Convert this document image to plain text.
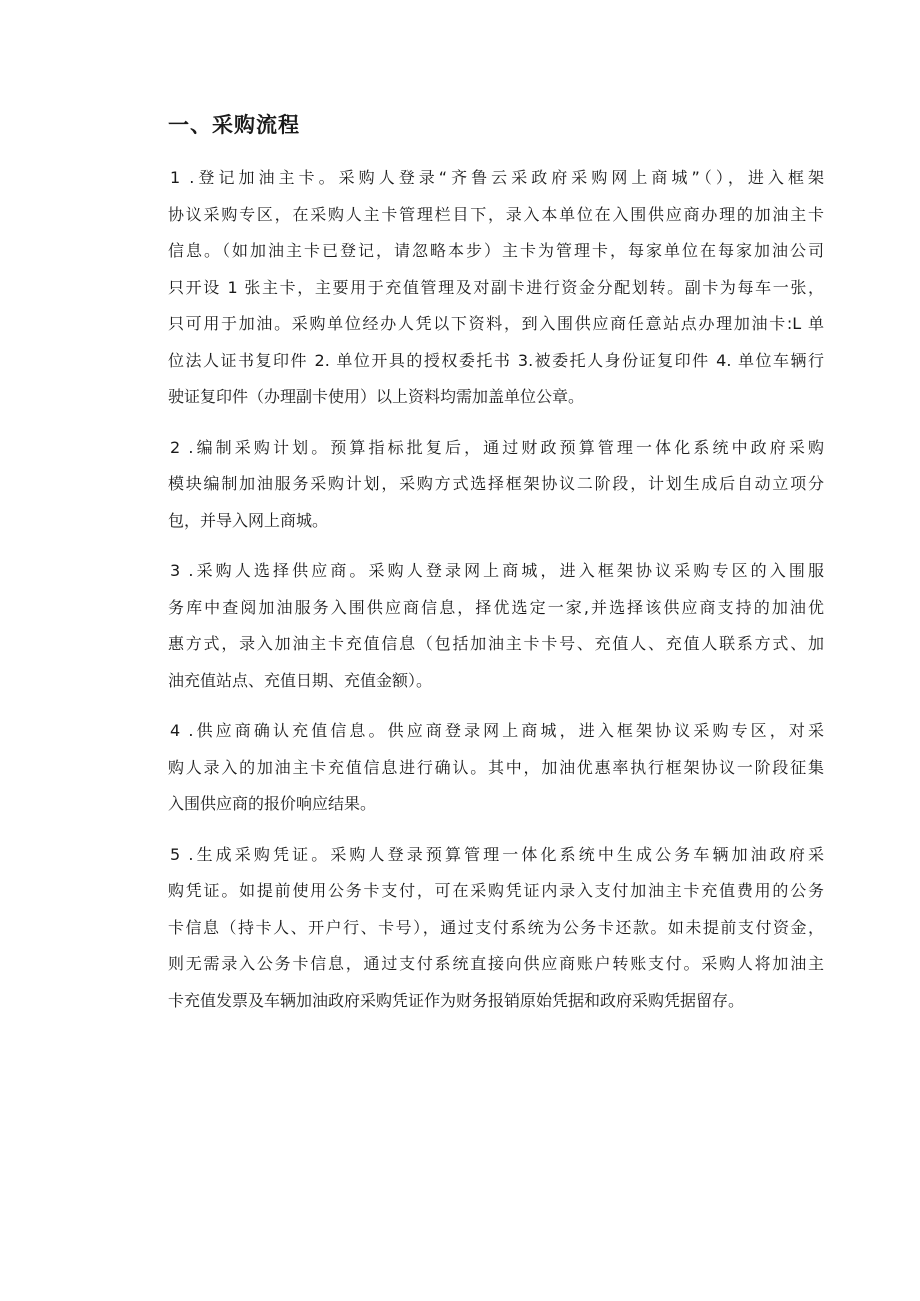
一、采购流程

1 .登记加油主卡。采购人登录“齐鲁云采政府采购网上商城”（），进入框架
协议采购专区，在采购人主卡管理栏目下，录入本单位在入围供应商办理的加油主卡
信息。（如加油主卡已登记，请忽略本步）主卡为管理卡，每家单位在每家加油公司
只开设 1 张主卡，主要用于充值管理及对副卡进行资金分配划转。副卡为每车一张，
只可用于加油。采购单位经办人凭以下资料，到入围供应商任意站点办理加油卡:L 单
位法人证书复印件 2. 单位开具的授权委托书 3.被委托人身份证复印件 4. 单位车辆行
驶证复印件（办理副卡使用）以上资料均需加盖单位公章。

2 .编制采购计划。预算指标批复后，通过财政预算管理一体化系统中政府采购
模块编制加油服务采购计划，采购方式选择框架协议二阶段，计划生成后自动立项分
包，并导入网上商城。

3 .采购人选择供应商。采购人登录网上商城，进入框架协议采购专区的入围服
务库中查阅加油服务入围供应商信息，择优选定一家,并选择该供应商支持的加油优
惠方式，录入加油主卡充值信息（包括加油主卡卡号、充值人、充值人联系方式、加
油充值站点、充值日期、充值金额）。

4 .供应商确认充值信息。供应商登录网上商城，进入框架协议采购专区，对采
购人录入的加油主卡充值信息进行确认。其中，加油优惠率执行框架协议一阶段征集
入围供应商的报价响应结果。

5 .生成采购凭证。采购人登录预算管理一体化系统中生成公务车辆加油政府采
购凭证。如提前使用公务卡支付，可在采购凭证内录入支付加油主卡充值费用的公务
卡信息（持卡人、开户行、卡号），通过支付系统为公务卡还款。如未提前支付资金，
则无需录入公务卡信息，通过支付系统直接向供应商账户转账支付。采购人将加油主
卡充值发票及车辆加油政府采购凭证作为财务报销原始凭据和政府采购凭据留存。
